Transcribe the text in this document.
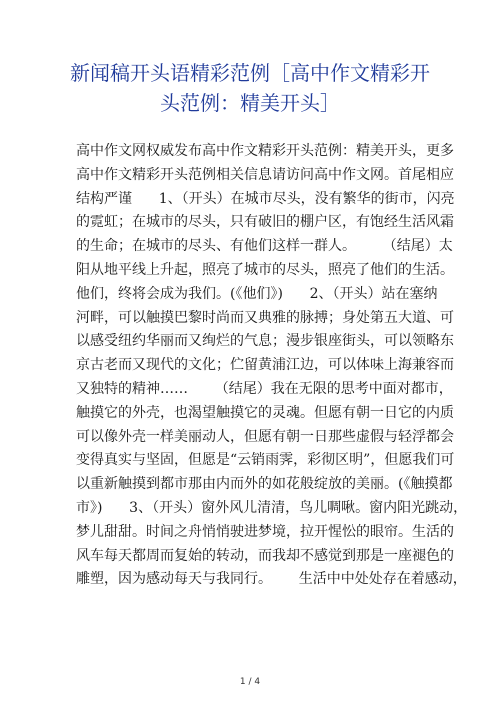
新闻稿开头语精彩范例［高中作文精彩开
头范例：精美开头］
高中作文网权威发布高中作文精彩开头范例：精美开头，更多
高中作文精彩开头范例相关信息请访问高中作文网。首尾相应
结构严谨      1、（开头）在城市尽头，没有繁华的街市，闪亮
的霓虹；在城市的尽头，只有破旧的棚户区，有饱经生活风霜
的生命；在城市的尽头、有他们这样一群人。      （结尾）太
阳从地平线上升起，照亮了城市的尽头，照亮了他们的生活。
他们，终将会成为我们。(《他们》)      2、（开头）站在塞纳
河畔，可以触摸巴黎时尚而又典雅的脉搏；身处第五大道、可
以感受纽约华丽而又绚烂的气息；漫步银座街头，可以领略东
京古老而又现代的文化；伫留黄浦江边，可以体味上海兼容而
又独特的精神……      （结尾）我在无限的思考中面对都市，
触摸它的外壳，也渴望触摸它的灵魂。但愿有朝一日它的内质
可以像外壳一样美丽动人，但愿有朝一日那些虚假与轻浮都会
变得真实与坚固，但愿是“云销雨霁，彩彻区明”，但愿我们可
以重新触摸到都市那由内而外的如花般绽放的美丽。(《触摸都
市》)      3、（开头）窗外风儿清清，鸟儿啁啾。窗内阳光跳动，
梦儿甜甜。时间之舟悄悄驶进梦境，拉开惺忪的眼帘。生活的
风车每天都周而复始的转动，而我却不感觉到那是一座褪色的
雕塑，因为感动每天与我同行。      生活中中处处存在着感动，
1 / 4
